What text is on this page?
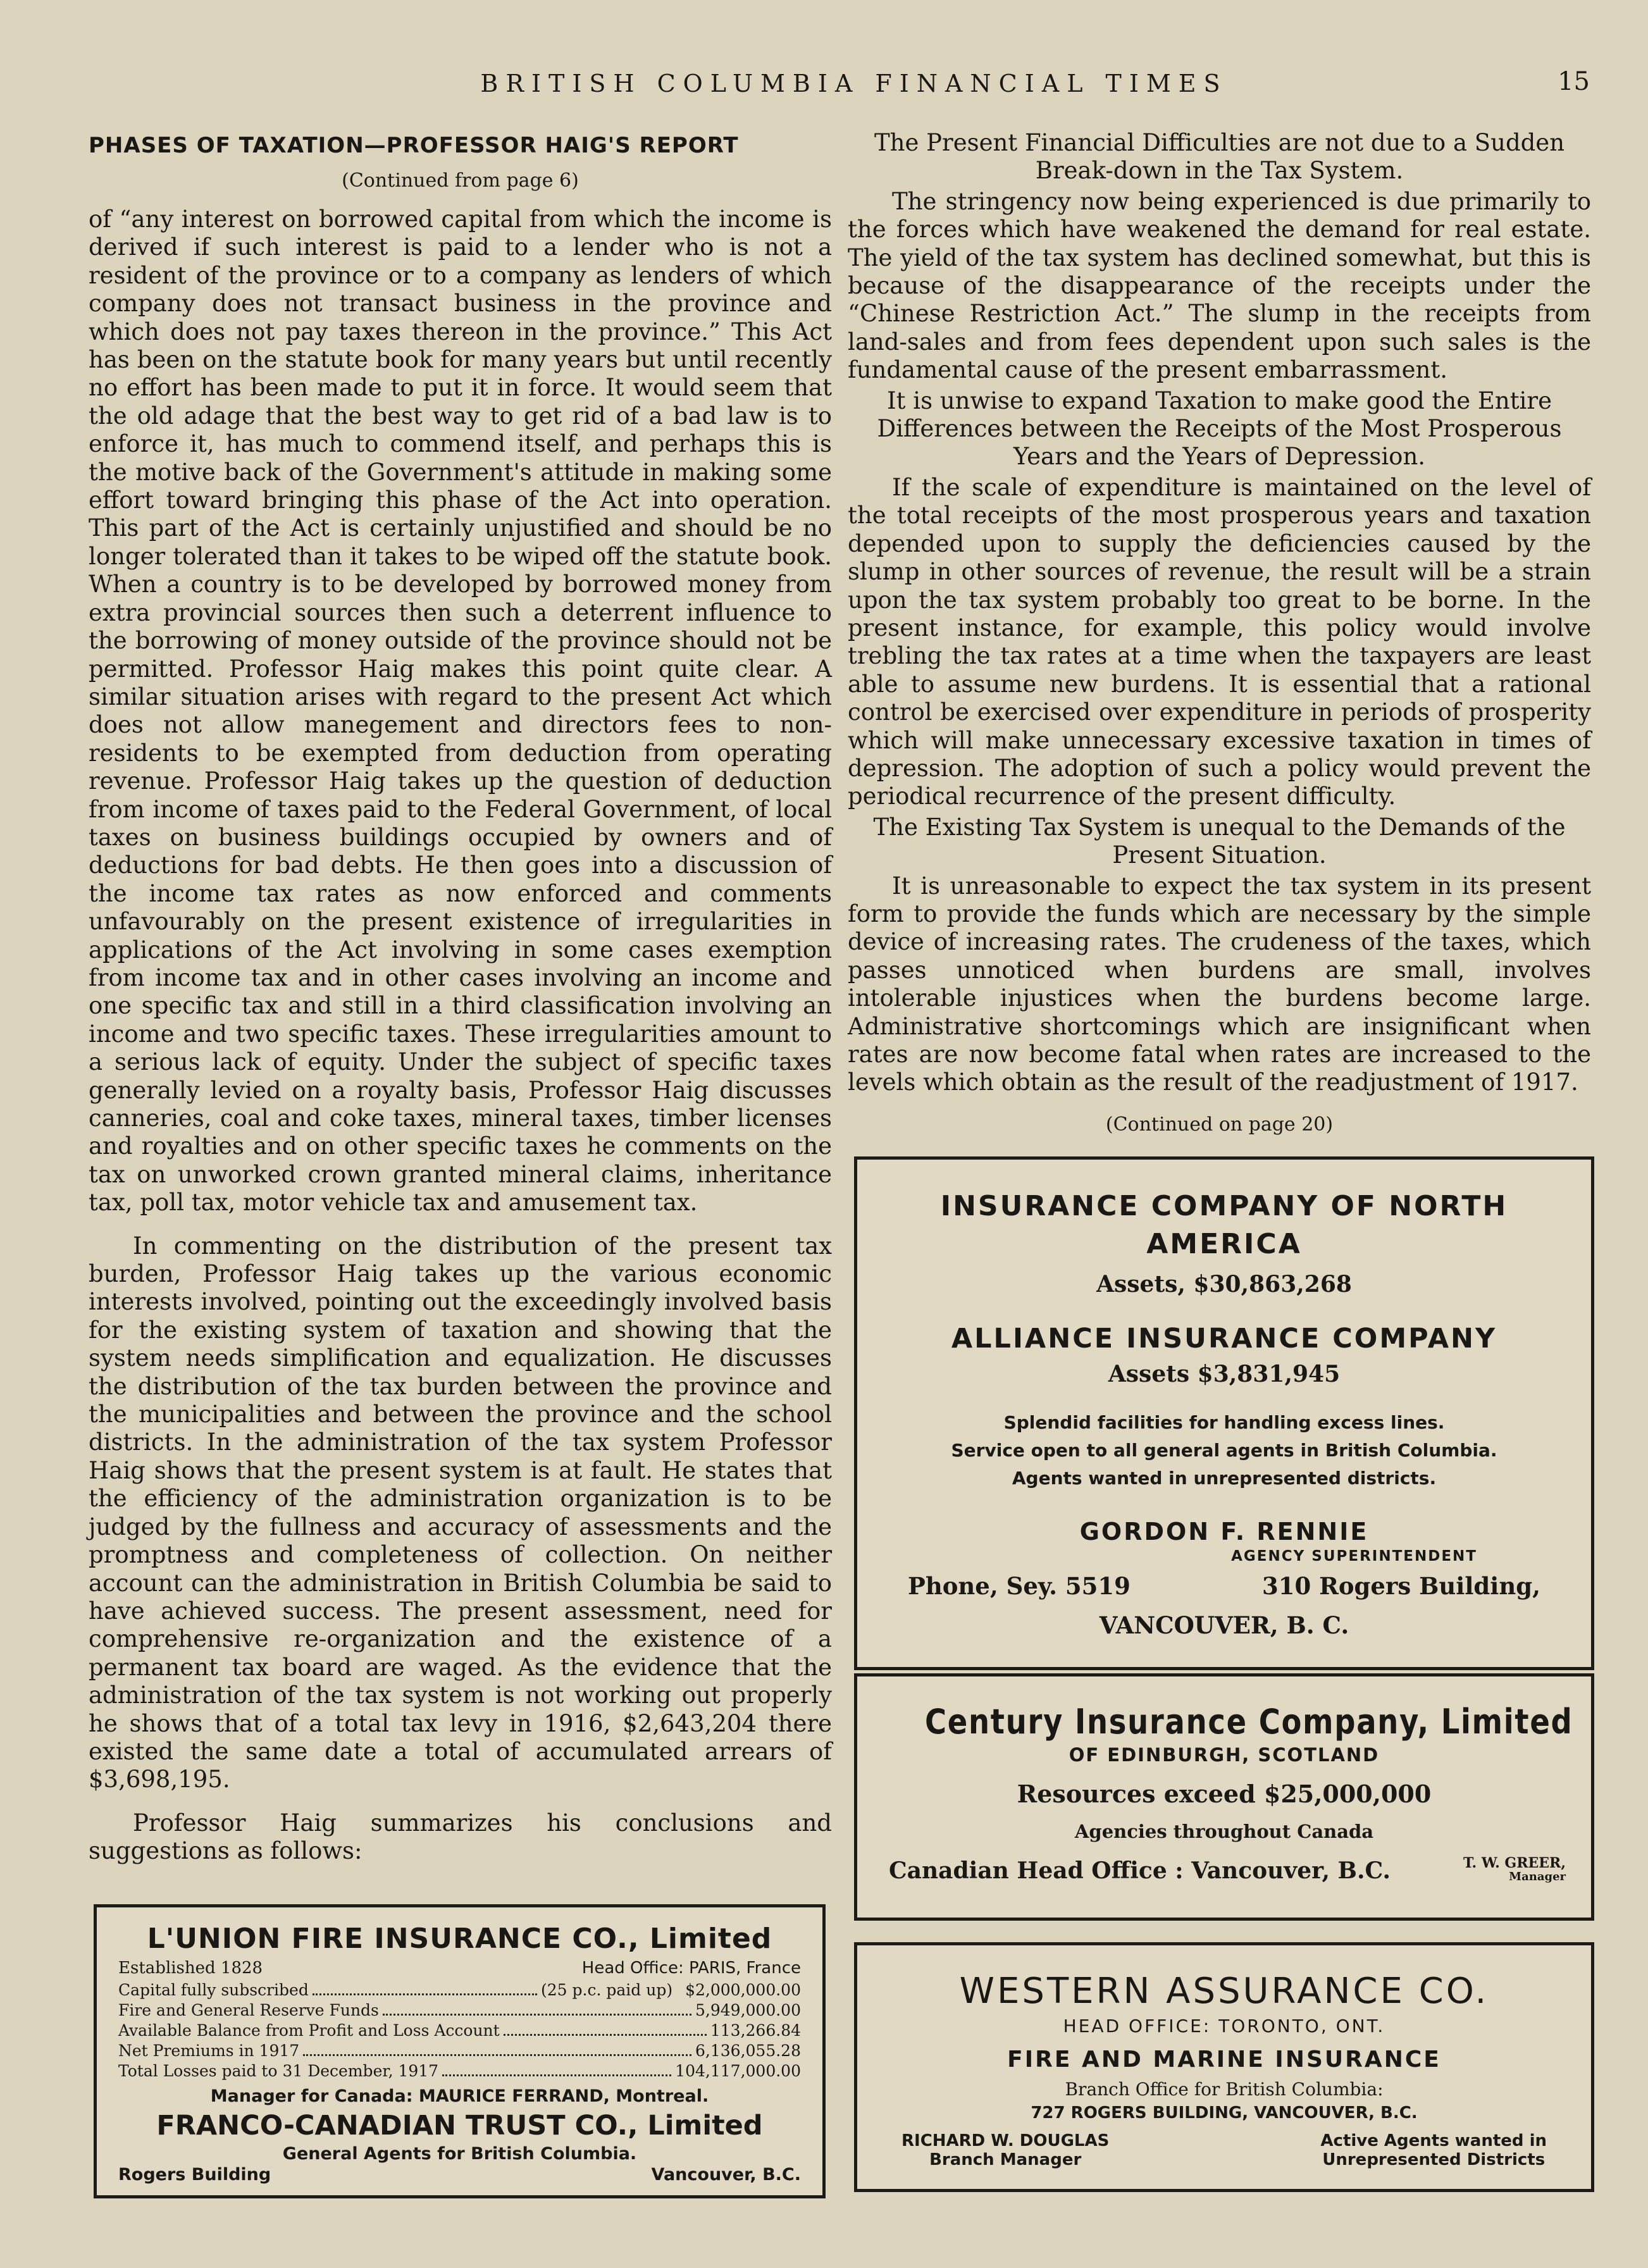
BRITISH COLUMBIA FINANCIAL TIMES	15
PHASES OF TAXATION—PROFESSOR HAIG'S REPORT
(Continued from page 6)

of “any interest on borrowed capital from which the income is derived if such interest is paid to a lender who is not a resident of the province or to a company as lenders of which company does not transact business in the province and which does not pay taxes thereon in the province.” This Act has been on the statute book for many years but until recently no effort has been made to put it in force. It would seem that the old adage that the best way to get rid of a bad law is to enforce it, has much to commend itself, and perhaps this is the motive back of the Government's attitude in making some effort toward bringing this phase of the Act into operation. This part of the Act is certainly unjustified and should be no longer tolerated than it takes to be wiped off the statute book. When a country is to be developed by borrowed money from extra provincial sources then such a deterrent influence to the borrowing of money outside of the province should not be permitted. Professor Haig makes this point quite clear. A similar situation arises with regard to the present Act which does not allow manegement and directors fees to non-residents to be exempted from deduction from operating revenue. Professor Haig takes up the question of deduction from income of taxes paid to the Federal Government, of local taxes on business buildings occupied by owners and of deductions for bad debts. He then goes into a discussion of the income tax rates as now enforced and comments unfavourably on the present existence of irregularities in applications of the Act involving in some cases exemption from income tax and in other cases involving an income and one specific tax and still in a third classification involving an income and two specific taxes. These irregularities amount to a serious lack of equity. Under the subject of specific taxes generally levied on a royalty basis, Professor Haig discusses canneries, coal and coke taxes, mineral taxes, timber licenses and royalties and on other specific taxes he comments on the tax on unworked crown granted mineral claims, inheritance tax, poll tax, motor vehicle tax and amusement tax.

In commenting on the distribution of the present tax burden, Professor Haig takes up the various economic interests involved, pointing out the exceedingly involved basis for the existing system of taxation and showing that the system needs simplification and equalization. He discusses the distribution of the tax burden between the province and the municipalities and between the province and the school districts. In the administration of the tax system Professor Haig shows that the present system is at fault. He states that the efficiency of the administration organization is to be judged by the fullness and accuracy of assessments and the promptness and completeness of collection. On neither account can the administration in British Columbia be said to have achieved success. The present assessment, need for comprehensive re-organization and the existence of a permanent tax board are waged. As the evidence that the administration of the tax system is not working out properly he shows that of a total tax levy in 1916, $2,643,204 there existed the same date a total of accumulated arrears of $3,698,195.

Professor Haig summarizes his conclusions and suggestions as follows:

The Present Financial Difficulties are not due to a Sudden Break-down in the Tax System.

The stringency now being experienced is due primarily to the forces which have weakened the demand for real estate. The yield of the tax system has declined somewhat, but this is because of the disappearance of the receipts under the “Chinese Restriction Act.” The slump in the receipts from land-sales and from fees dependent upon such sales is the fundamental cause of the present embarrassment.

It is unwise to expand Taxation to make good the Entire Differences between the Receipts of the Most Prosperous Years and the Years of Depression.

If the scale of expenditure is maintained on the level of the total receipts of the most prosperous years and taxation depended upon to supply the deficiencies caused by the slump in other sources of revenue, the result will be a strain upon the tax system probably too great to be borne. In the present instance, for example, this policy would involve trebling the tax rates at a time when the taxpayers are least able to assume new burdens. It is essential that a rational control be exercised over expenditure in periods of prosperity which will make unnecessary excessive taxation in times of depression. The adoption of such a policy would prevent the periodical recurrence of the present difficulty.

The Existing Tax System is unequal to the Demands of the Present Situation.

It is unreasonable to expect the tax system in its present form to provide the funds which are necessary by the simple device of increasing rates. The crudeness of the taxes, which passes unnoticed when burdens are small, involves intolerable injustices when the burdens become large. Administrative shortcomings which are insignificant when rates are now become fatal when rates are increased to the levels which obtain as the result of the readjustment of 1917.

(Continued on page 20)
L'UNION FIRE INSURANCE CO., Limited
Established 1828	Head Office: PARIS, France
Capital fully subscribed	(25 p.c. paid up) $2,000,000.00
Fire and General Reserve Funds	5,949,000.00
Available Balance from Profit and Loss Account	113,266.84
Net Premiums in 1917	6,136,055.28
Total Losses paid to 31 December, 1917	104,117,000.00
Manager for Canada: MAURICE FERRAND, Montreal.
FRANCO-CANADIAN TRUST CO., Limited
General Agents for British Columbia.
Rogers Building	Vancouver, B.C.
INSURANCE COMPANY OF NORTH AMERICA
Assets, $30,863,268
ALLIANCE INSURANCE COMPANY
Assets $3,831,945
Splendid facilities for handling excess lines.
Service open to all general agents in British Columbia.
Agents wanted in unrepresented districts.
GORDON F. RENNIE
AGENCY SUPERINTENDENT
Phone, Sey. 5519	310 Rogers Building,
VANCOUVER, B. C.
Century Insurance Company, Limited
OF EDINBURGH, SCOTLAND
Resources exceed $25,000,000
Agencies throughout Canada
Canadian Head Office : Vancouver, B.C.	T. W. GREER,
Manager
WESTERN ASSURANCE CO.
HEAD OFFICE: TORONTO, ONT.
FIRE AND MARINE INSURANCE
Branch Office for British Columbia:
727 ROGERS BUILDING, VANCOUVER, B.C.
RICHARD W. DOUGLAS
Branch Manager
Active Agents wanted in
Unrepresented Districts
